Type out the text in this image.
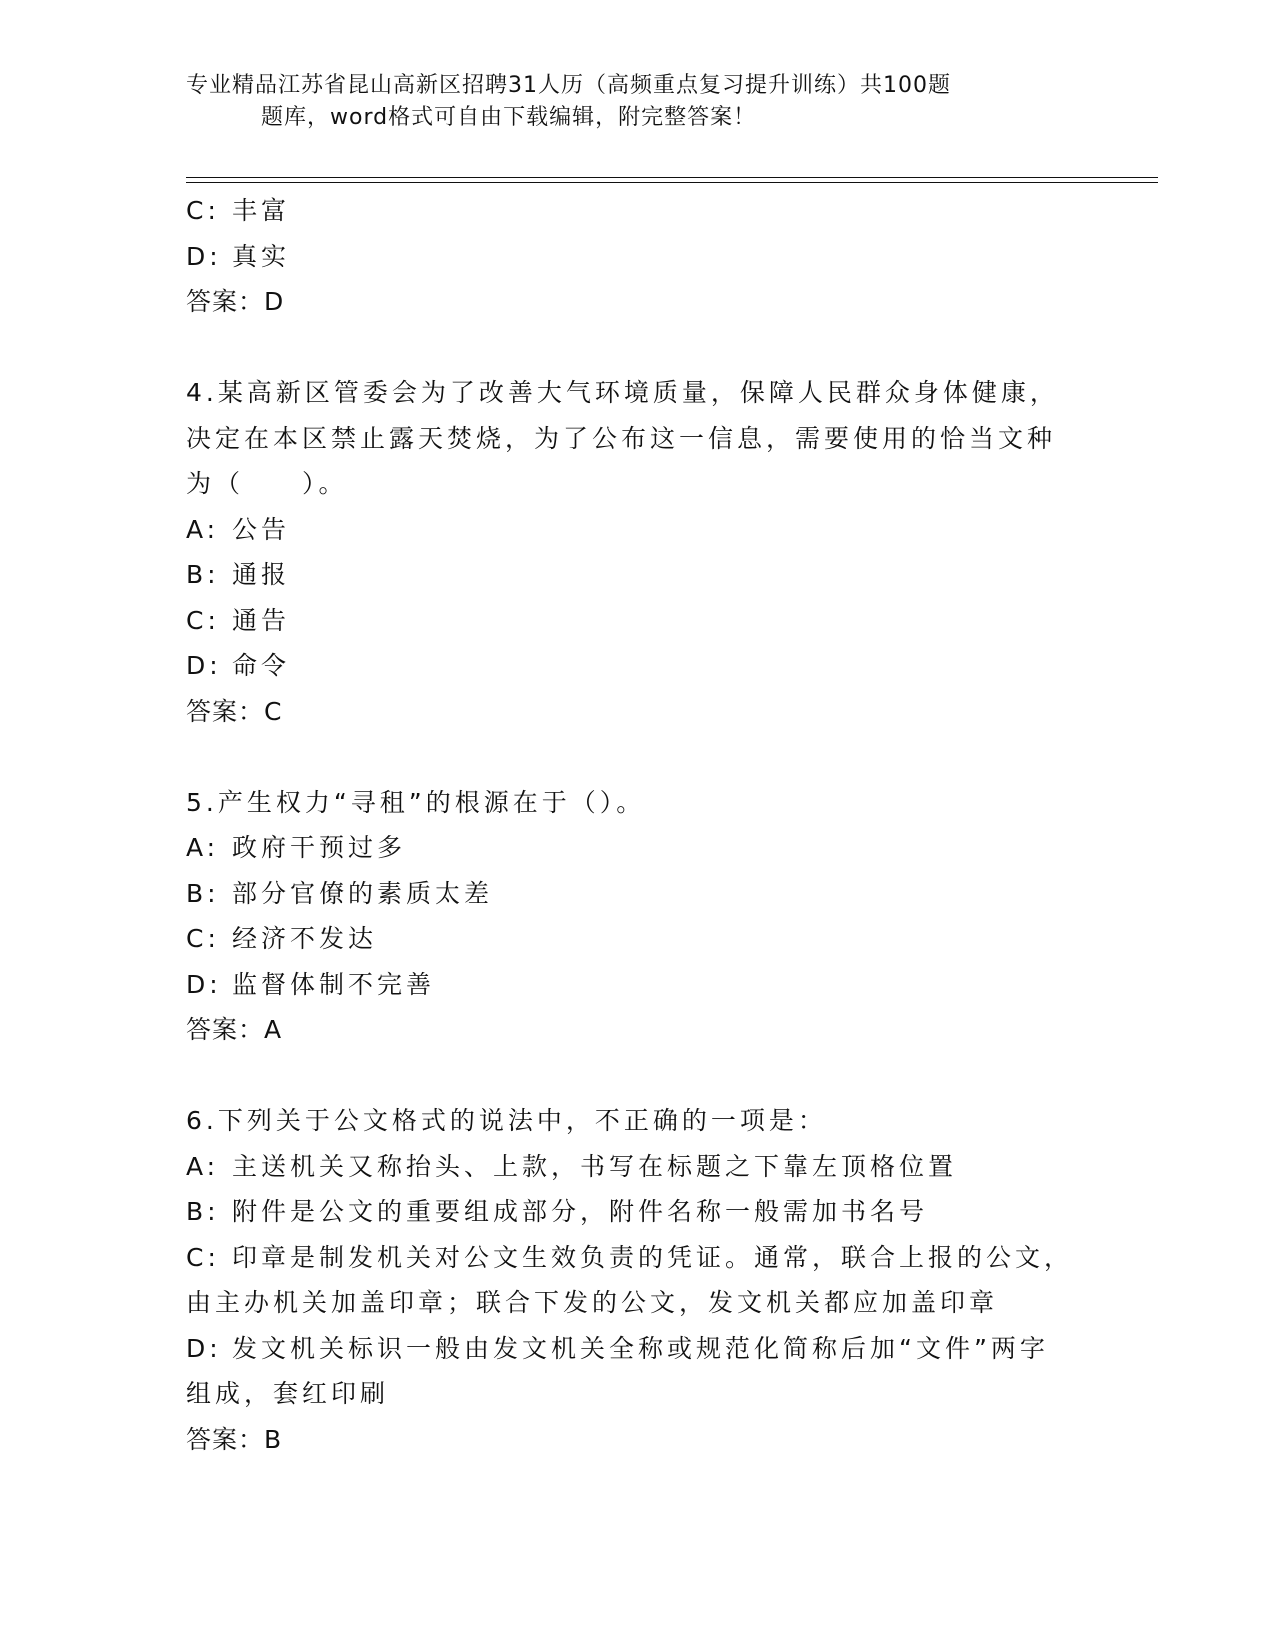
专业精品江苏省昆山高新区招聘31人历（高频重点复习提升训练）共100题
题库，word格式可自由下载编辑，附完整答案！
C: 丰富
D: 真实
答案：D
4.某高新区管委会为了改善大气环境质量，保障人民群众身体健康，
决定在本区禁止露天焚烧，为了公布这一信息，需要使用的恰当文种
为（　　）。
A: 公告
B: 通报
C: 通告
D: 命令
答案：C
5.产生权力“寻租”的根源在于（）。
A: 政府干预过多
B: 部分官僚的素质太差
C: 经济不发达
D: 监督体制不完善
答案：A
6.下列关于公文格式的说法中，不正确的一项是：
A: 主送机关又称抬头、上款，书写在标题之下靠左顶格位置
B: 附件是公文的重要组成部分，附件名称一般需加书名号
C: 印章是制发机关对公文生效负责的凭证。通常，联合上报的公文，
由主办机关加盖印章；联合下发的公文，发文机关都应加盖印章
D: 发文机关标识一般由发文机关全称或规范化简称后加“文件”两字
组成，套红印刷
答案：B
